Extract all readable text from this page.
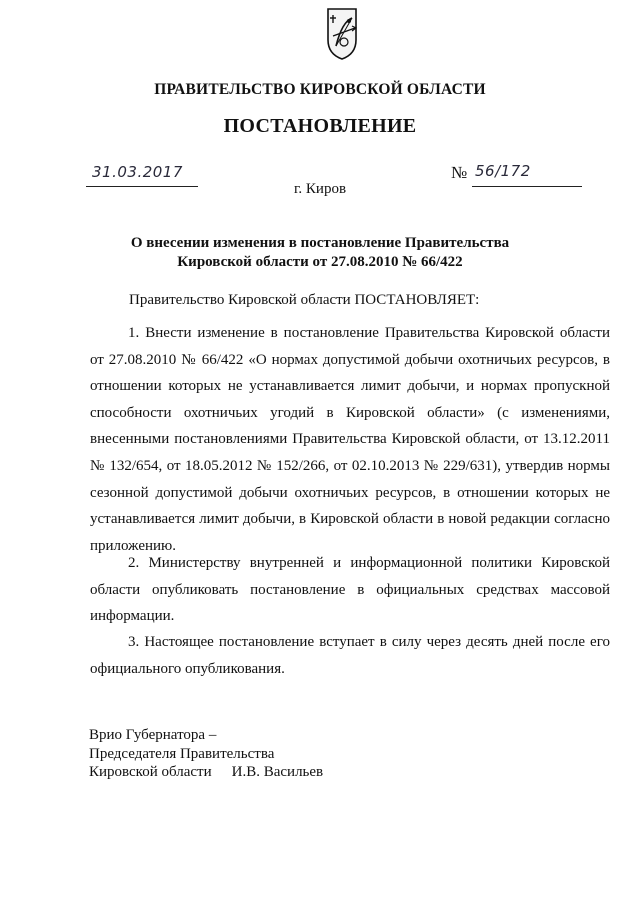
ПРАВИТЕЛЬСТВО КИРОВСКОЙ ОБЛАСТИ
ПОСТАНОВЛЕНИЕ
31.03.2017	№ 56/172
г. Киров
О внесении изменения в постановление Правительства
Кировской области от 27.08.2010 № 66/422
Правительство Кировской области ПОСТАНОВЛЯЕТ:
1. Внести изменение в постановление Правительства Кировской области от 27.08.2010 № 66/422 «О нормах допустимой добычи охотничьих ресурсов, в отношении которых не устанавливается лимит добычи, и нормах пропускной способности охотничьих угодий в Кировской области» (с изменениями, внесенными постановлениями Правительства Кировской области, от 13.12.2011 № 132/654, от 18.05.2012 № 152/266, от 02.10.2013 № 229/631), утвердив нормы сезонной допустимой добычи охотничьих ресурсов, в отношении которых не устанавливается лимит добычи, в Кировской области в новой редакции согласно приложению.
2. Министерству внутренней и информационной политики Кировской области опубликовать постановление в официальных средствах массовой информации.
3. Настоящее постановление вступает в силу через десять дней после его официального опубликования.
Врио Губернатора –
Председателя Правительства
Кировской области И.В. Васильев
